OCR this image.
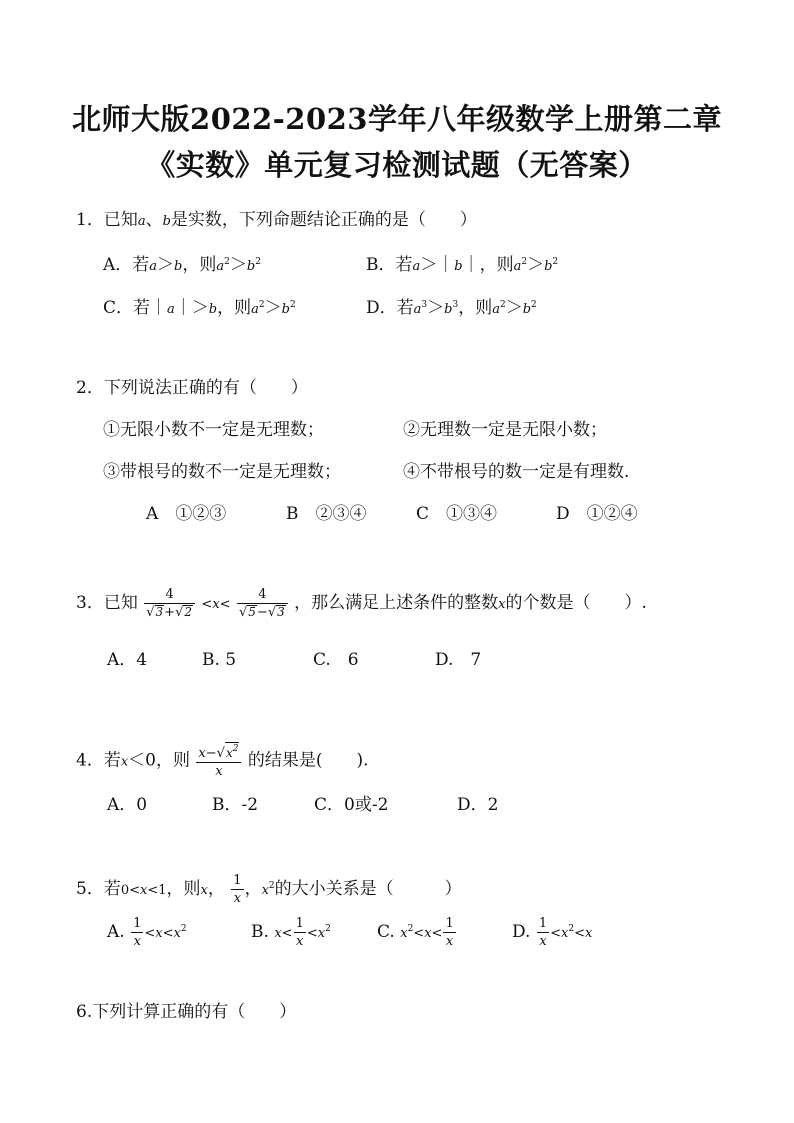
北师大版2022-2023学年八年级数学上册第二章
《实数》单元复习检测试题（无答案）
1．已知a、b是实数，下列命题结论正确的是（　　）
A．若a＞b，则$a^2>b^2$	B．若a＞｜b｜，则$a^2>b^2$
C．若｜a｜＞b，则$a^2>b^2$	D．若$a^3>b^3$，则$a^2>b^2$
2．下列说法正确的有（　　）
①无限小数不一定是无理数；	②无理数一定是无限小数；
③带根号的数不一定是无理数；	④不带根号的数一定是有理数.
A　①②③	B　②③④	C　①③④	D　①②④
3．已知 $\frac{4}{√3+√2} <x< \frac{4}{√5-√3}$ ，那么满足上述条件的整数x的个数是（　　）.
A．4	B. 5	C.　6	D.　7
4．若x＜0，则 $\frac{x-√x^2}{x}$ 的结果是(　　).
A．0	B．-2	C．0或-2	D．2
5．若0<x<1，则x， $\frac{1}{x}$ ，$x^2$的大小关系是（　　　）
A. $\frac{1}{x} <x<x^2$	B. $x< \frac{1}{x} <x^2$	C. $x^2<x< \frac{1}{x}$	D. $\frac{1}{x} <x^2<x$
6.下列计算正确的有（　　）
